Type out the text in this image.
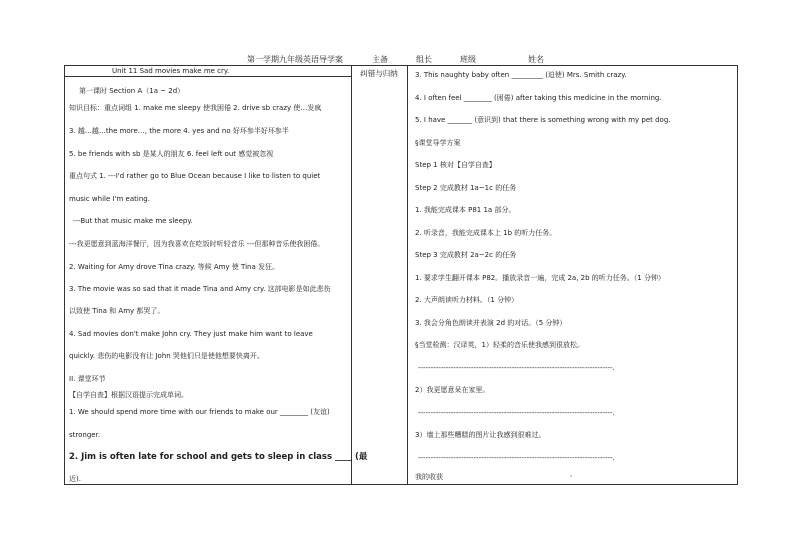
第一学期九年级英语导学案	主备	组长	班级	姓名

Unit 11 Sad movies make me cry.

第一课时 Section A（1a ~ 2d）

知识目标：重点词组 1. make me sleepy 使我困倦 2. drive sb crazy 使…发疯

3. 越…越…the more…, the more 4. yes and no 好坏参半好坏参半

5. be friends with sb 是某人的朋友 6. feel left out 感觉被忽视

重点句式 1. ---I'd rather go to Blue Ocean because I like to listen to quiet

music while I'm eating.

---But that music make me sleepy.

---我更愿意到蓝海洋餐厅，因为我喜欢在吃饭时听轻音乐 ---但那种音乐使我困倦。

2. Waiting for Amy drove Tina crazy. 等候 Amy 使 Tina 发狂。

3. The movie was so sad that it made Tina and Amy cry. 这部电影是如此悲伤

以致使 Tina 和 Amy 都哭了。

4. Sad movies don't make John cry. They just make him want to leave

quickly. 悲伤的电影没有让 John 哭他们只是使他想要快离开。

II. 课堂环节

【自学自查】根据汉语提示完成单词。

1. We should spend more time with our friends to make our ________ (友谊)

stronger.

2. Jim is often late for school and gets to sleep in class ____ (最

近).

纠错与归纳	3. This naughty baby often _________ (迫使) Mrs. Smith crazy.

4. I often feel ________ (困倦) after taking this medicine in the morning.

5. I have _______ (意识到) that there is something wrong with my pet dog.

§课堂导学方案

Step 1 核对【自学自查】

Step 2 完成教材 1a~1c 的任务

1. 我能完成课本 P81 1a 部分。

2. 听录音，我能完成课本上 1b 的听力任务。

Step 3 完成教材 2a~2c 的任务

1. 要求学生翻开课本 P82。播放录音一遍，完成 2a, 2b 的听力任务。（1 分钟）

2. 大声朗读听力材料。（1 分钟）

3. 我会分角色朗读并表演 2d 的对话。（5 分钟）

§当堂检测：汉译英，1）轻柔的音乐使我感到很放松。

-----------------------------------------------------------------------------.

2）我更愿意呆在家里。

-----------------------------------------------------------------------------.

3）墙上那些糟糕的图片让我感到很难过。

-----------------------------------------------------------------------------.

我的收获
